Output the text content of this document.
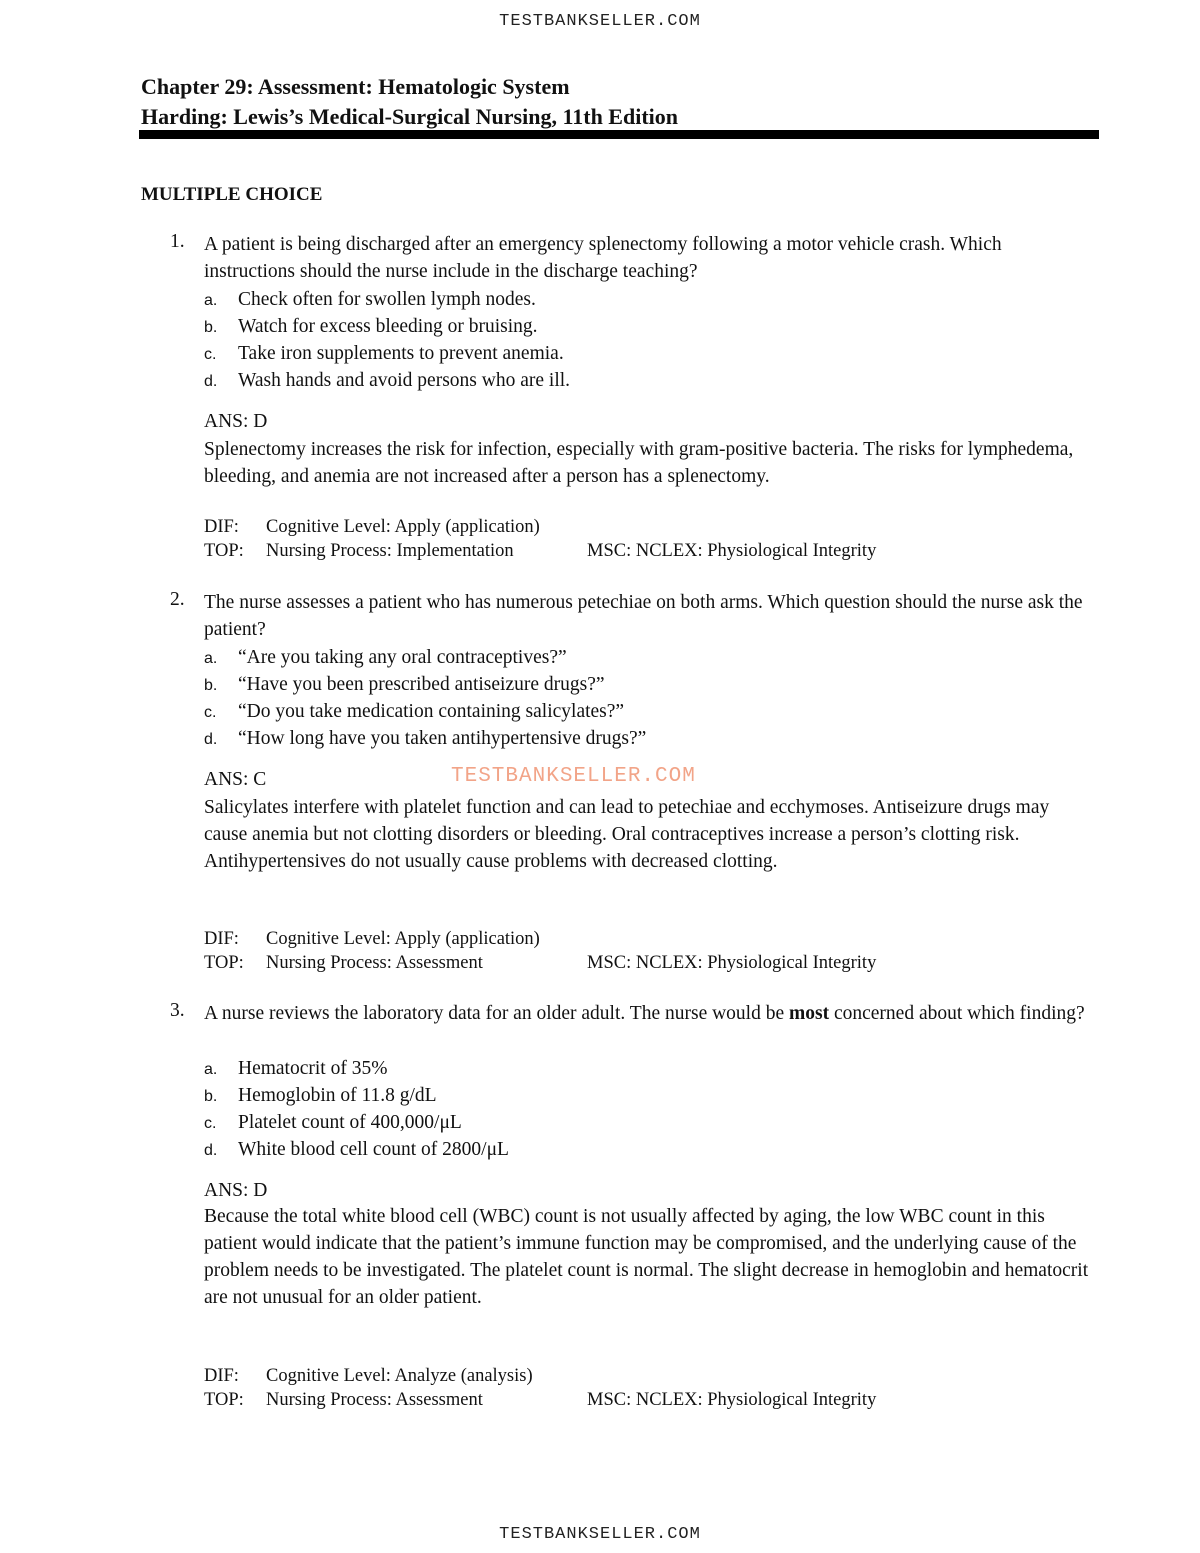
TESTBANKSELLER.COM
Chapter 29: Assessment: Hematologic System
Harding: Lewis’s Medical-Surgical Nursing, 11th Edition
MULTIPLE CHOICE
1. A patient is being discharged after an emergency splenectomy following a motor vehicle crash. Which instructions should the nurse include in the discharge teaching?
a. Check often for swollen lymph nodes.
b. Watch for excess bleeding or bruising.
c. Take iron supplements to prevent anemia.
d. Wash hands and avoid persons who are ill.
ANS: D
Splenectomy increases the risk for infection, especially with gram-positive bacteria. The risks for lymphedema, bleeding, and anemia are not increased after a person has a splenectomy.
DIF: Cognitive Level: Apply (application)
TOP: Nursing Process: Implementation	MSC: NCLEX: Physiological Integrity
2. The nurse assesses a patient who has numerous petechiae on both arms. Which question should the nurse ask the patient?
a. “Are you taking any oral contraceptives?”
b. “Have you been prescribed antiseizure drugs?”
c. “Do you take medication containing salicylates?”
d. “How long have you taken antihypertensive drugs?”
ANS: C
Salicylates interfere with platelet function and can lead to petechiae and ecchymoses. Antiseizure drugs may cause anemia but not clotting disorders or bleeding. Oral contraceptives increase a person’s clotting risk. Antihypertensives do not usually cause problems with decreased clotting.
DIF: Cognitive Level: Apply (application)
TOP: Nursing Process: Assessment	MSC: NCLEX: Physiological Integrity
TESTBANKSELLER.COM
3. A nurse reviews the laboratory data for an older adult. The nurse would be most concerned about which finding?
a. Hematocrit of 35%
b. Hemoglobin of 11.8 g/dL
c. Platelet count of 400,000/μL
d. White blood cell count of 2800/μL
ANS: D
Because the total white blood cell (WBC) count is not usually affected by aging, the low WBC count in this patient would indicate that the patient’s immune function may be compromised, and the underlying cause of the problem needs to be investigated. The platelet count is normal. The slight decrease in hemoglobin and hematocrit are not unusual for an older patient.
DIF: Cognitive Level: Analyze (analysis)
TOP: Nursing Process: Assessment	MSC: NCLEX: Physiological Integrity
TESTBANKSELLER.COM
